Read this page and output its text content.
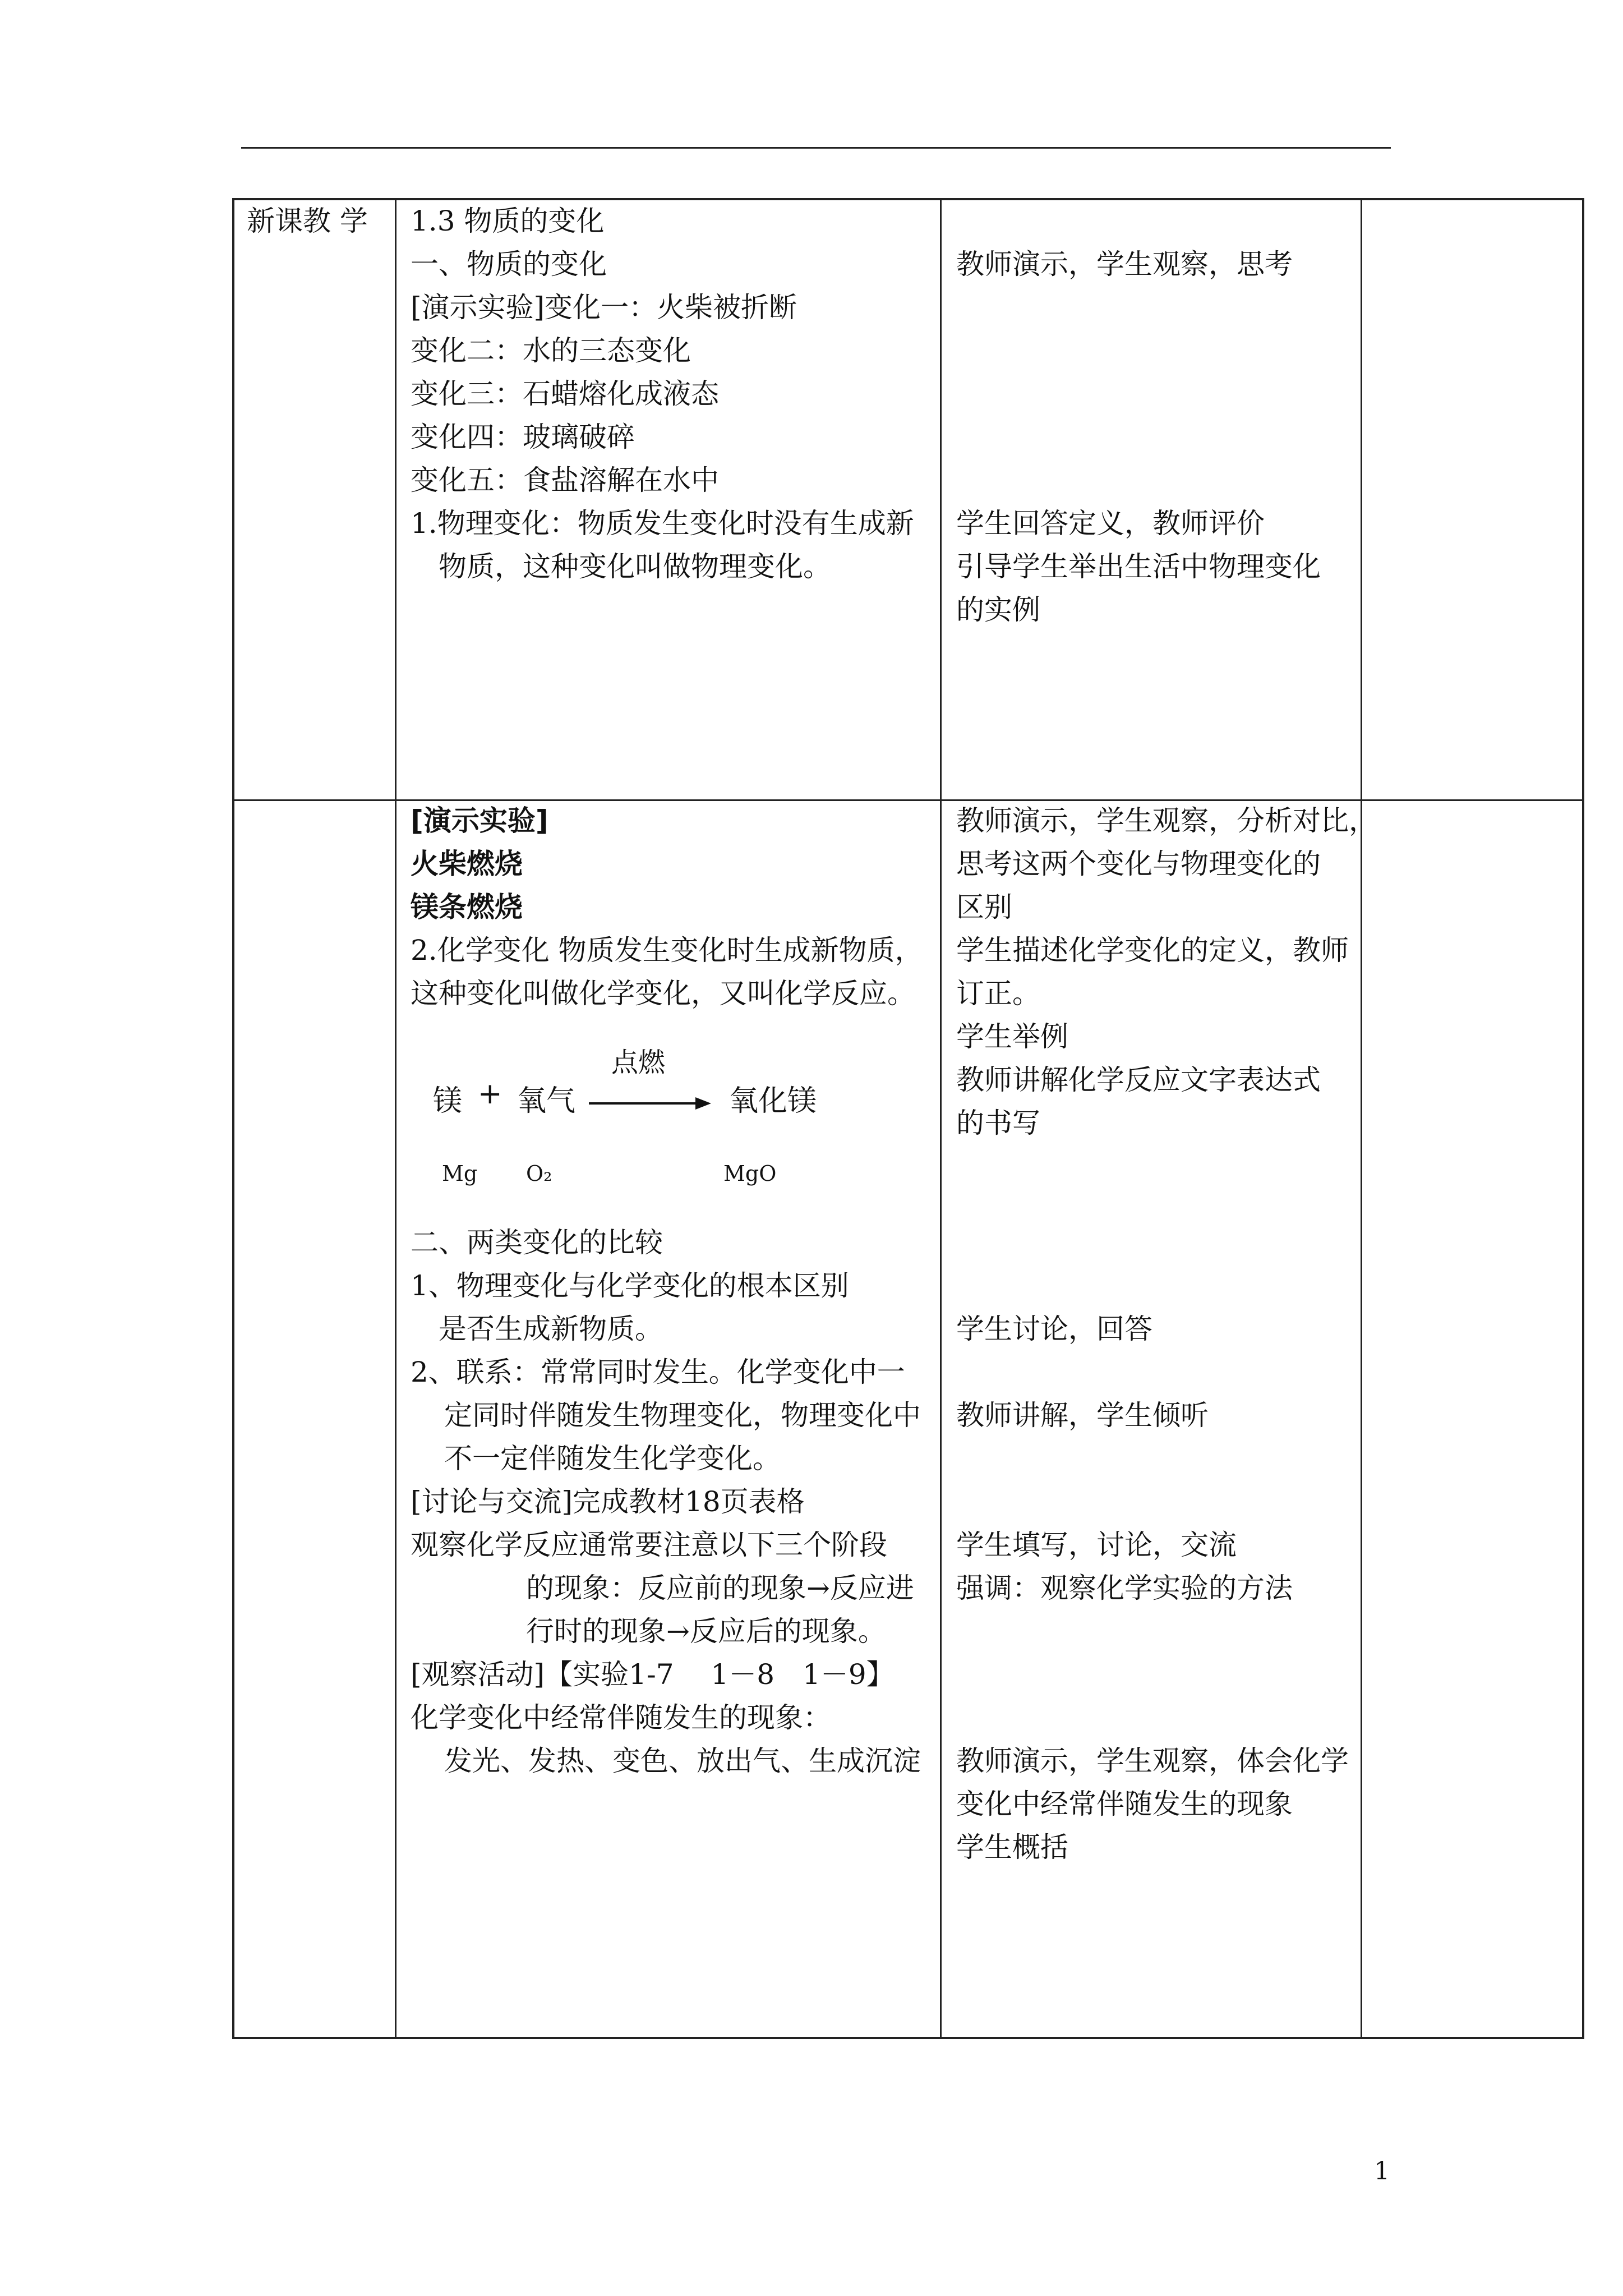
新课教 学 1.3 物质的变化
一、物质的变化
[演示实验]变化一：火柴被折断
变化二：水的三态变化
变化三：石蜡熔化成液态
变化四：玻璃破碎
变化五：食盐溶解在水中
1.物理变化：物质发生变化时没有生成新
物质，这种变化叫做物理变化。
教师演示，学生观察，思考
学生回答定义，教师评价
引导学生举出生活中物理变化
的实例
[演示实验]
火柴燃烧
镁条燃烧
2.化学变化 物质发生变化时生成新物质，
这种变化叫做化学变化，又叫化学反应。
镁 + 氧气
点燃
氧化镁
Mg O₂	MgO
二、两类变化的比较
1、物理变化与化学变化的根本区别
是否生成新物质。
2、联系：常常同时发生。化学变化中一
定同时伴随发生物理变化，物理变化中
不一定伴随发生化学变化。
[讨论与交流]完成教材18页表格
观察化学反应通常要注意以下三个阶段
的现象：反应前的现象→反应进
行时的现象→反应后的现象。
[观察活动]【实验1-7　 1－8　1－9】
化学变化中经常伴随发生的现象：
发光、发热、变色、放出气、生成沉淀
教师演示，学生观察，分析对比，
思考这两个变化与物理变化的
区别
学生描述化学变化的定义，教师
订正。
学生举例
教师讲解化学反应文字表达式
的书写
学生讨论，回答
教师讲解，学生倾听
学生填写，讨论，交流
强调：观察化学实验的方法
教师演示，学生观察，体会化学
变化中经常伴随发生的现象
学生概括
1
